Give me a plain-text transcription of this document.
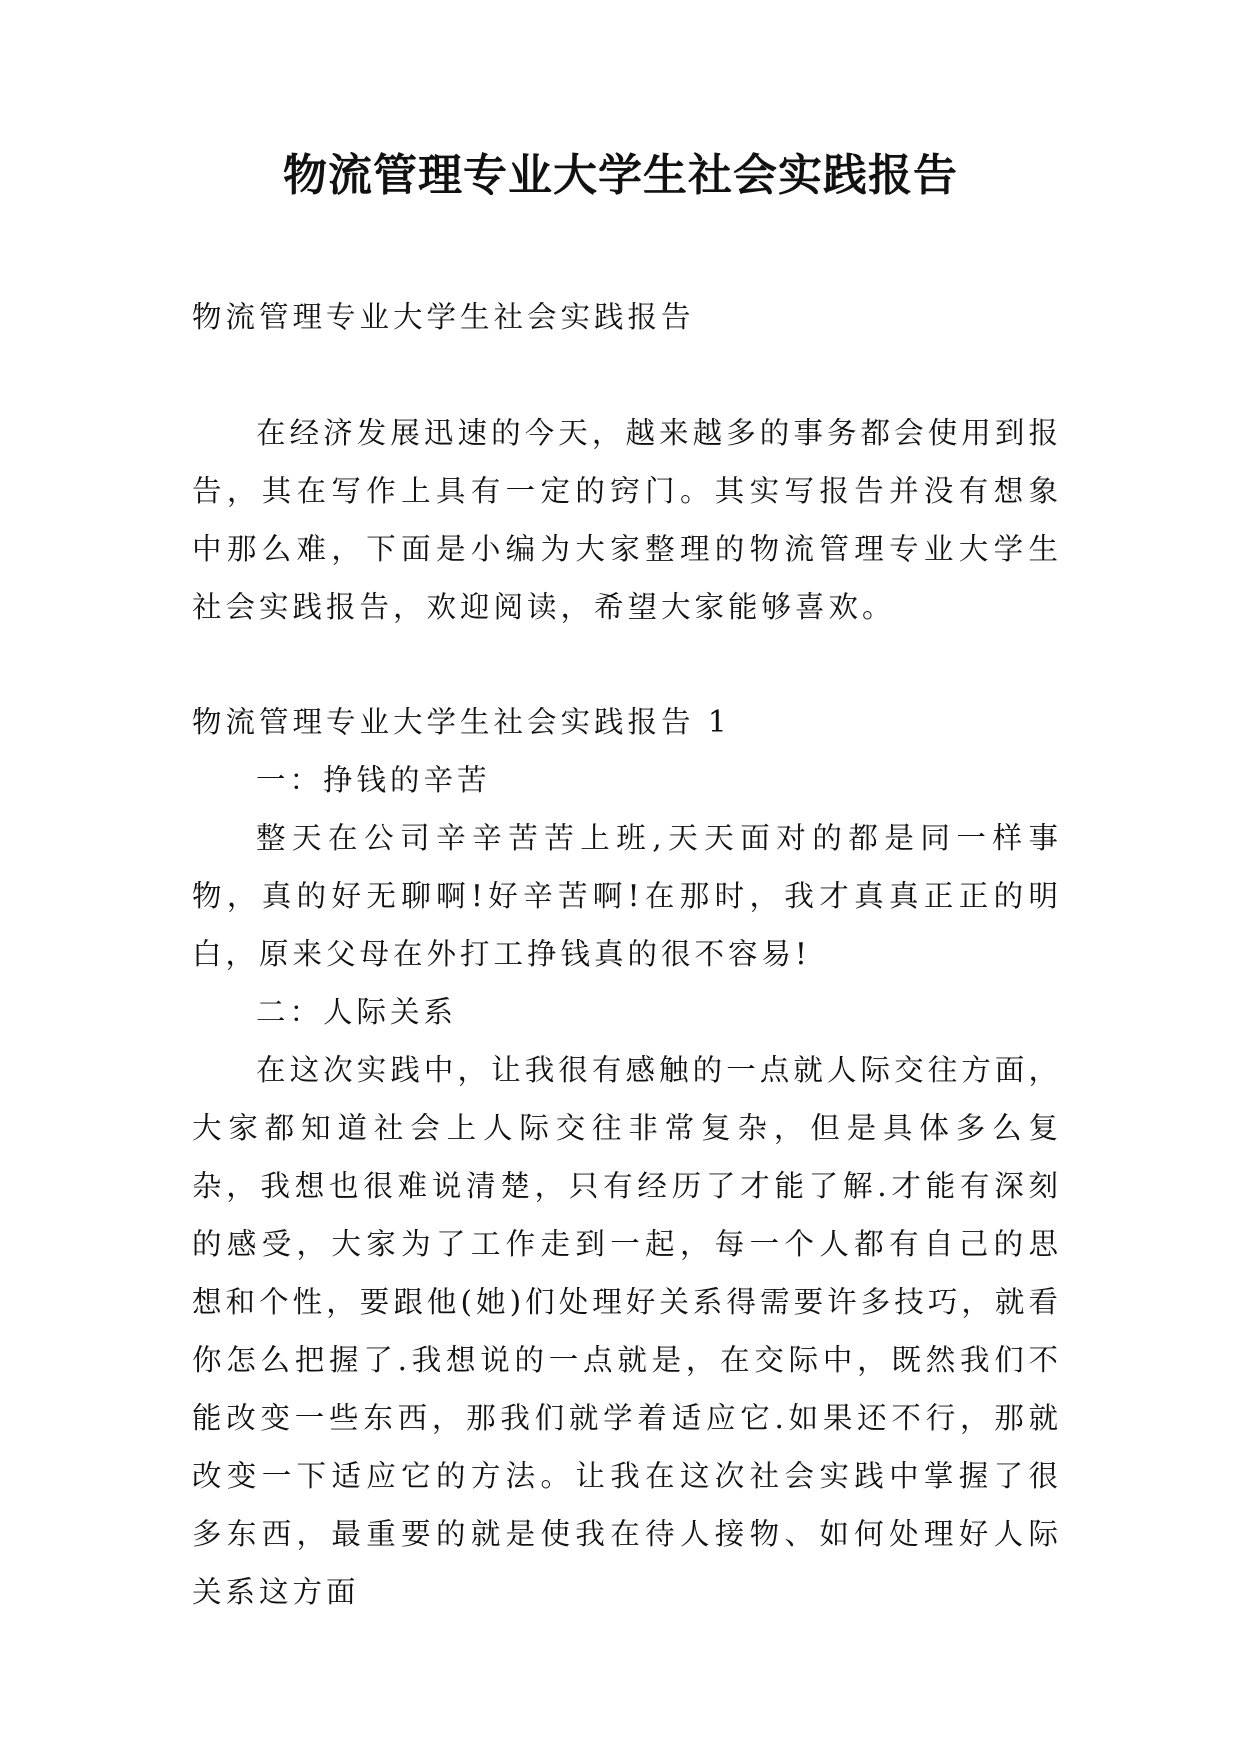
物流管理专业大学生社会实践报告

物流管理专业大学生社会实践报告

在经济发展迅速的今天，越来越多的事务都会使用到报告，其在写作上具有一定的窍门。其实写报告并没有想象中那么难，下面是小编为大家整理的物流管理专业大学生社会实践报告，欢迎阅读，希望大家能够喜欢。

物流管理专业大学生社会实践报告 1

一：挣钱的辛苦

整天在公司辛辛苦苦上班,天天面对的都是同一样事物，真的好无聊啊!好辛苦啊!在那时，我才真真正正的明白，原来父母在外打工挣钱真的很不容易!

二：人际关系

在这次实践中，让我很有感触的一点就人际交往方面，大家都知道社会上人际交往非常复杂，但是具体多么复杂，我想也很难说清楚，只有经历了才能了解.才能有深刻的感受，大家为了工作走到一起，每一个人都有自己的思想和个性，要跟他(她)们处理好关系得需要许多技巧，就看你怎么把握了.我想说的一点就是，在交际中，既然我们不能改变一些东西，那我们就学着适应它.如果还不行，那就改变一下适应它的方法。让我在这次社会实践中掌握了很多东西，最重要的就是使我在待人接物、如何处理好人际关系这方面
